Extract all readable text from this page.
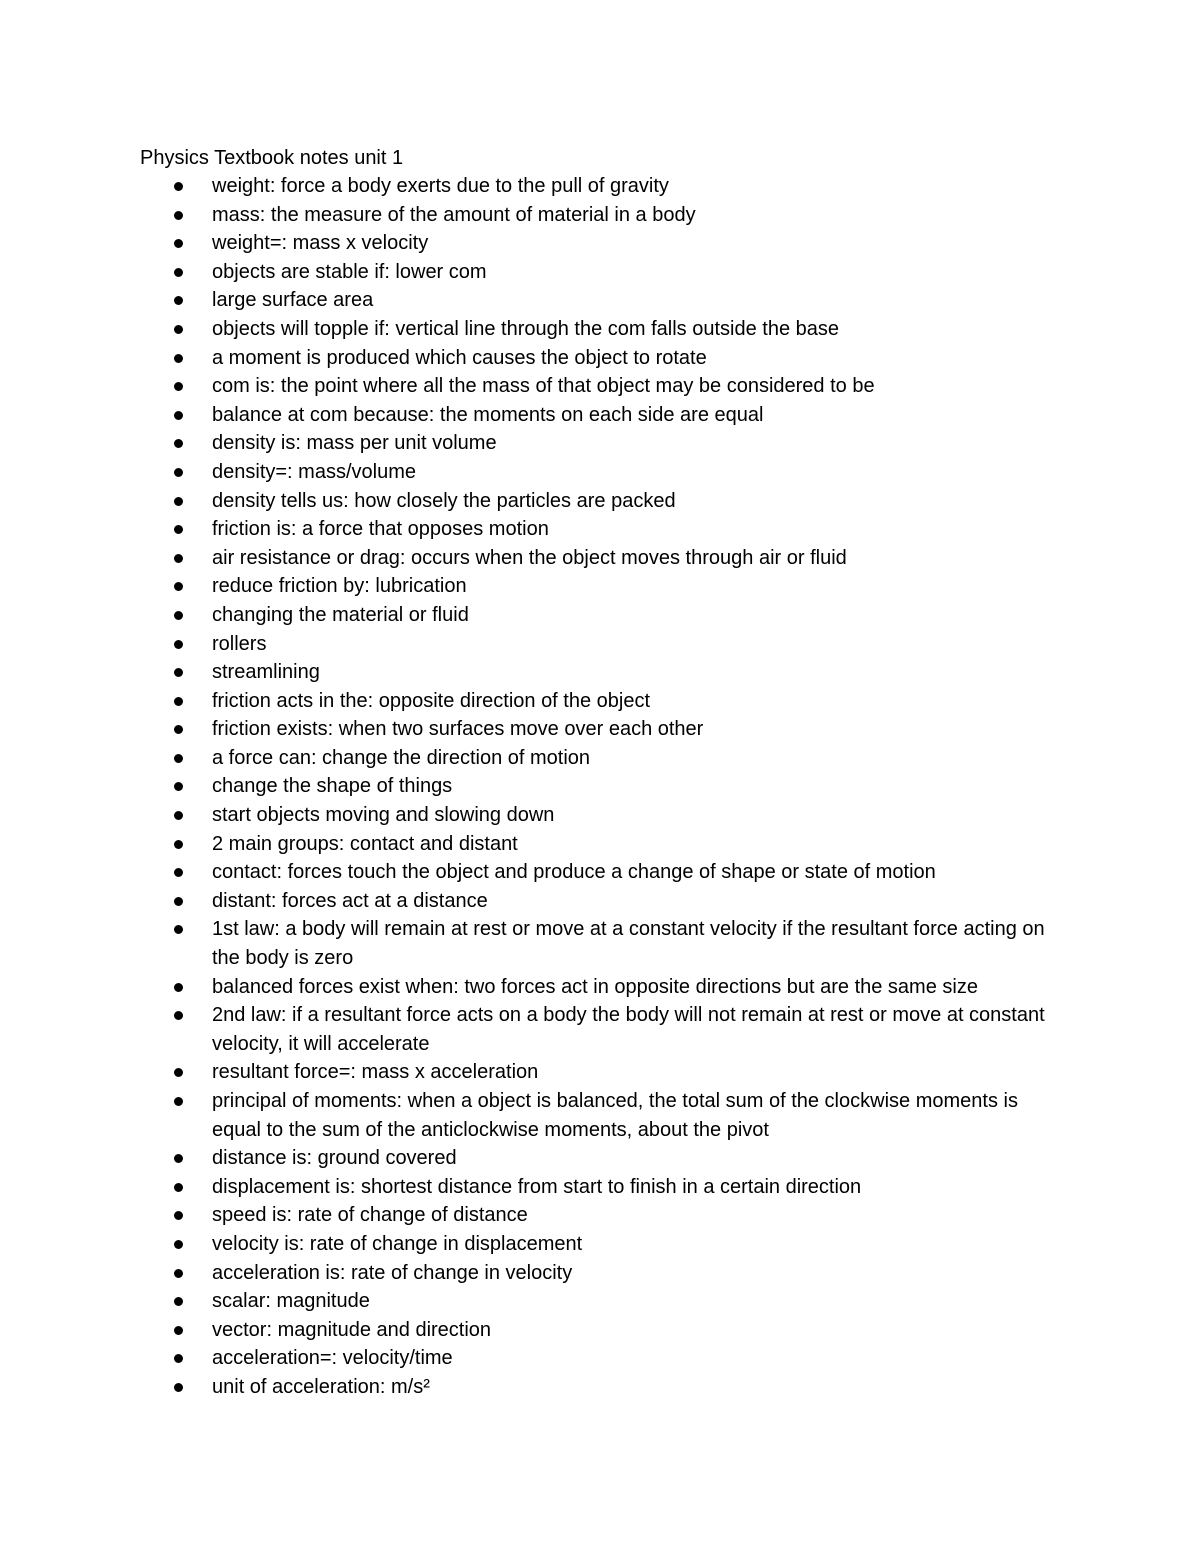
Physics Textbook notes unit 1
weight: force a body exerts due to the pull of gravity
mass: the measure of the amount of material in a body
weight=: mass x velocity
objects are stable if: lower com
large surface area
objects will topple if: vertical line through the com falls outside the base
a moment is produced which causes the object to rotate
com is: the point where all the mass of that object may be considered to be
balance at com because: the moments on each side are equal
density is: mass per unit volume
density=: mass/volume
density tells us: how closely the particles are packed
friction is: a force that opposes motion
air resistance or drag: occurs when the object moves through air or fluid
reduce friction by: lubrication
changing the material or fluid
rollers
streamlining
friction acts in the: opposite direction of the object
friction exists: when two surfaces move over each other
a force can: change the direction of motion
change the shape of things
start objects moving and slowing down
2 main groups: contact and distant
contact: forces touch the object and produce a change of shape or state of motion
distant: forces act at a distance
1st law: a body will remain at rest or move at a constant velocity if the resultant force acting on the body is zero
balanced forces exist when: two forces act in opposite directions but are the same size
2nd law: if a resultant force acts on a body the body will not remain at rest or move at constant velocity, it will accelerate
resultant force=: mass x acceleration
principal of moments: when a object is balanced, the total sum of the clockwise moments is equal to the sum of the anticlockwise moments, about the pivot
distance is: ground covered
displacement is: shortest distance from start to finish in a certain direction
speed is: rate of change of distance
velocity is: rate of change in displacement
acceleration is: rate of change in velocity
scalar: magnitude
vector: magnitude and direction
acceleration=: velocity/time
unit of acceleration: m/s²
